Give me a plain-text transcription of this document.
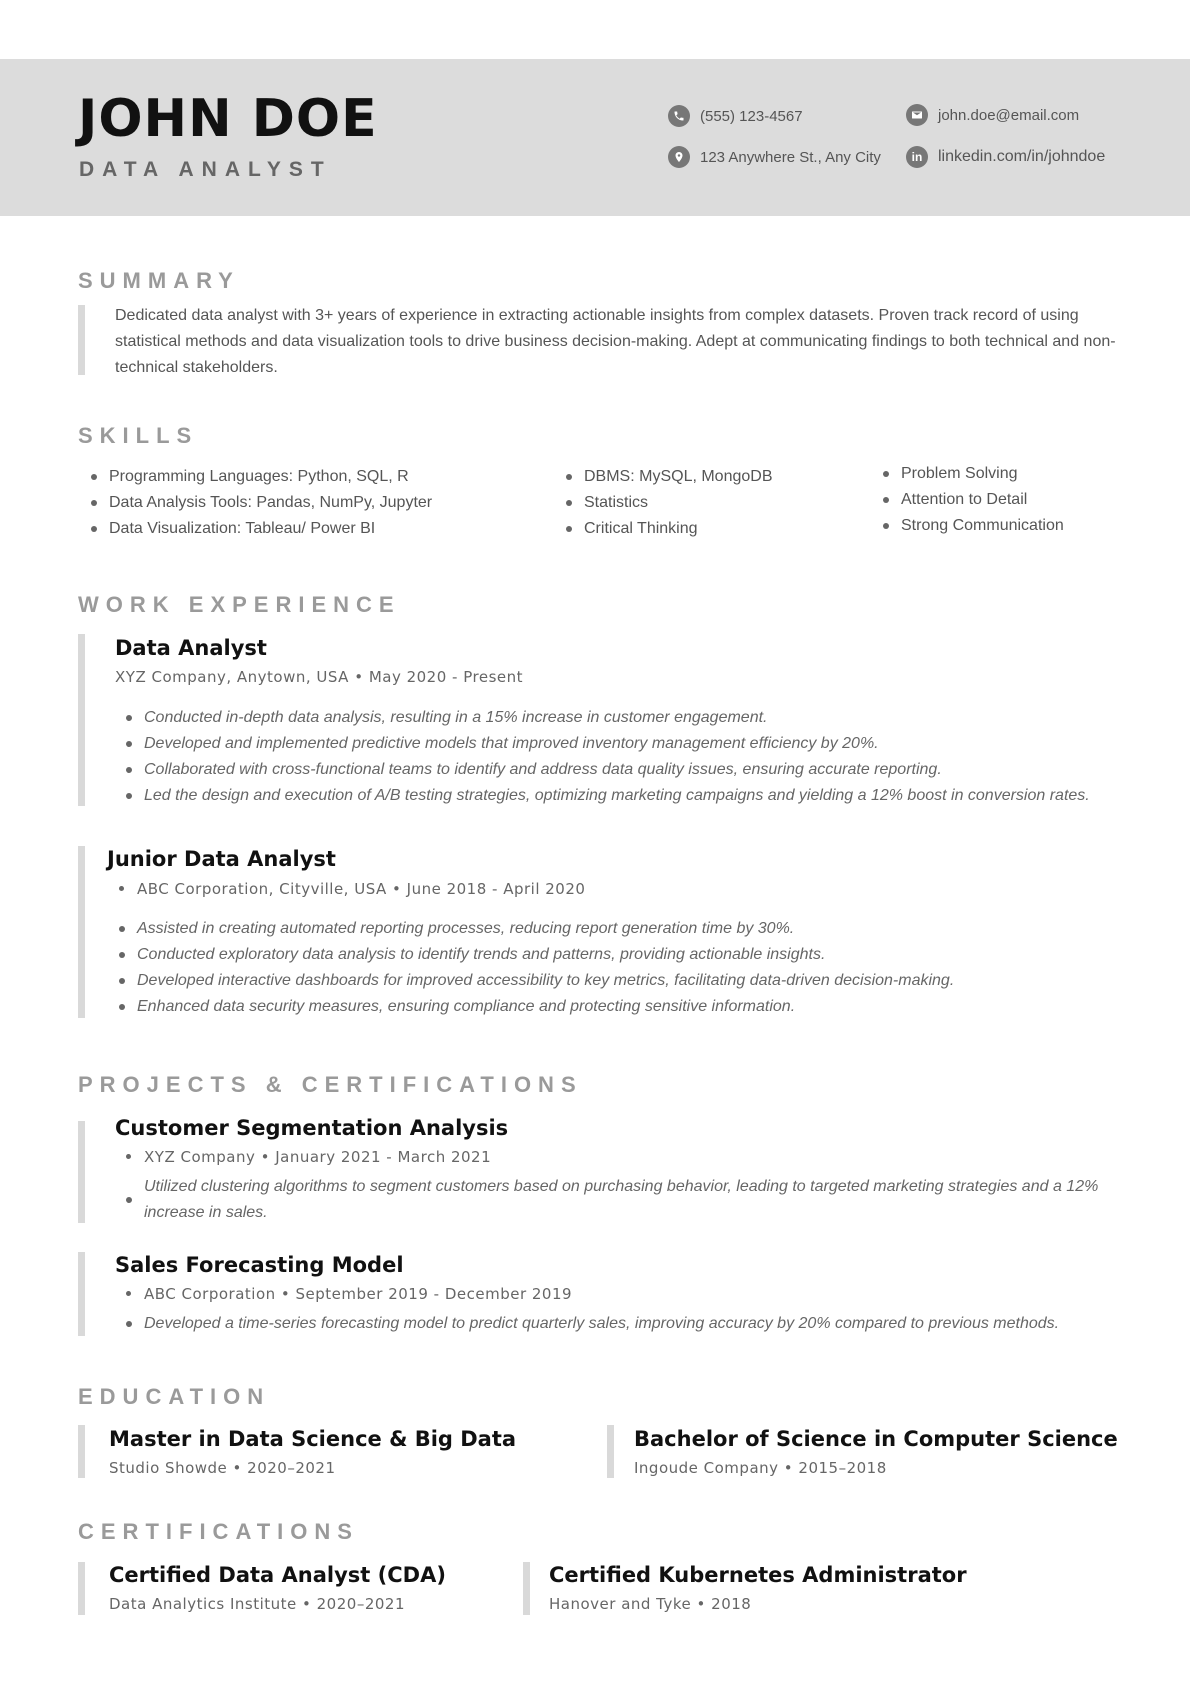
JOHN DOE
DATA ANALYST
(555) 123-4567
123 Anywhere St., Any City
john.doe@email.com
in linkedin.com/in/johndoe
SUMMARY

Dedicated data analyst with 3+ years of experience in extracting actionable insights from complex datasets. Proven track record of using statistical methods and data visualization tools to drive business decision-making. Adept at communicating findings to both technical and non-technical stakeholders.

SKILLS
Programming Languages: Python, SQL, R
Data Analysis Tools: Pandas, NumPy, Jupyter
Data Visualization: Tableau/ Power BI
DBMS: MySQL, MongoDB
Statistics
Critical Thinking
Problem Solving
Attention to Detail
Strong Communication
WORK EXPERIENCE
Data Analyst
XYZ Company, Anytown, USA • May 2020 - Present
Conducted in-depth data analysis, resulting in a 15% increase in customer engagement.
Developed and implemented predictive models that improved inventory management efficiency by 20%.
Collaborated with cross-functional teams to identify and address data quality issues, ensuring accurate reporting.
Led the design and execution of A/B testing strategies, optimizing marketing campaigns and yielding a 12% boost in conversion rates.
Junior Data Analyst
ABC Corporation, Cityville, USA • June 2018 - April 2020
Assisted in creating automated reporting processes, reducing report generation time by 30%.
Conducted exploratory data analysis to identify trends and patterns, providing actionable insights.
Developed interactive dashboards for improved accessibility to key metrics, facilitating data-driven decision-making.
Enhanced data security measures, ensuring compliance and protecting sensitive information.
PROJECTS & CERTIFICATIONS
Customer Segmentation Analysis
XYZ Company • January 2021 - March 2021
Utilized clustering algorithms to segment customers based on purchasing behavior, leading to targeted marketing strategies and a 12% increase in sales.
Sales Forecasting Model
ABC Corporation • September 2019 - December 2019
Developed a time-series forecasting model to predict quarterly sales, improving accuracy by 20% compared to previous methods.
EDUCATION
Master in Data Science & Big Data
Studio Showde • 2020–2021
Bachelor of Science in Computer Science
Ingoude Company • 2015–2018
CERTIFICATIONS
Certified Data Analyst (CDA)
Data Analytics Institute • 2020–2021
Certified Kubernetes Administrator
Hanover and Tyke • 2018
